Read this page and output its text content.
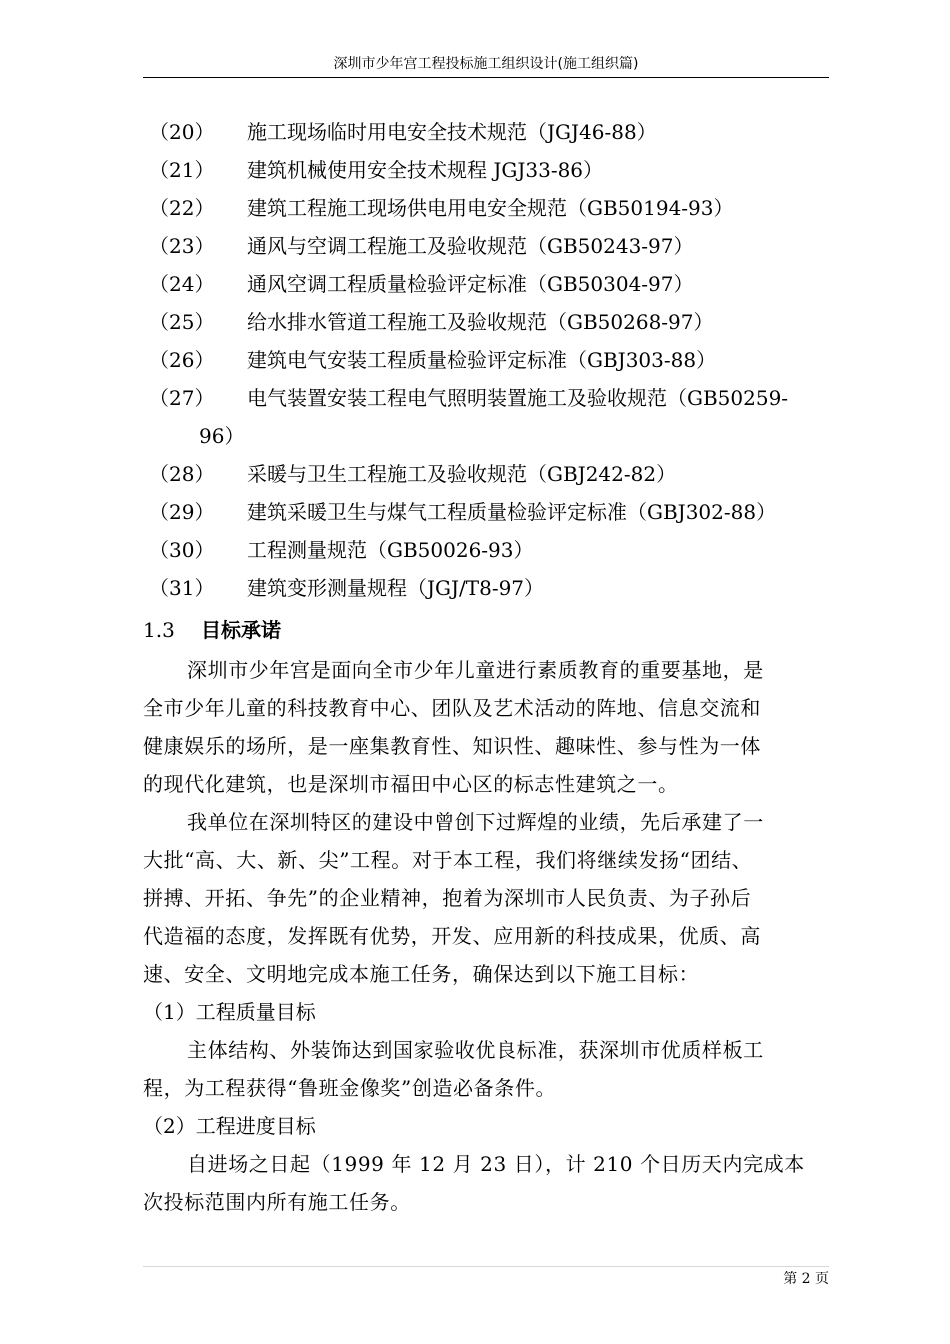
深圳市少年宫工程投标施工组织设计(施工组织篇)
（20） 施工现场临时用电安全技术规范（JGJ46-88）
（21） 建筑机械使用安全技术规程 JGJ33-86）
（22） 建筑工程施工现场供电用电安全规范（GB50194-93）
（23） 通风与空调工程施工及验收规范（GB50243-97）
（24） 通风空调工程质量检验评定标准（GB50304-97）
（25） 给水排水管道工程施工及验收规范（GB50268-97）
（26） 建筑电气安装工程质量检验评定标准（GBJ303-88）
（27） 电气装置安装工程电气照明装置施工及验收规范（GB50259-
96）
（28） 采暖与卫生工程施工及验收规范（GBJ242-82）
（29） 建筑采暖卫生与煤气工程质量检验评定标准（GBJ302-88）
（30） 工程测量规范（GB50026-93）
（31） 建筑变形测量规程（JGJ/T8-97）
1.3 目标承诺
深圳市少年宫是面向全市少年儿童进行素质教育的重要基地，是
全市少年儿童的科技教育中心、团队及艺术活动的阵地、信息交流和
健康娱乐的场所，是一座集教育性、知识性、趣味性、参与性为一体
的现代化建筑，也是深圳市福田中心区的标志性建筑之一。
我单位在深圳特区的建设中曾创下过辉煌的业绩，先后承建了一
大批“高、大、新、尖”工程。对于本工程，我们将继续发扬“团结、
拼搏、开拓、争先”的企业精神，抱着为深圳市人民负责、为子孙后
代造福的态度，发挥既有优势，开发、应用新的科技成果，优质、高
速、安全、文明地完成本施工任务，确保达到以下施工目标：
（1）工程质量目标
主体结构、外装饰达到国家验收优良标准，获深圳市优质样板工
程，为工程获得“鲁班金像奖”创造必备条件。
（2）工程进度目标
自进场之日起（1999 年 12 月 23 日），计 210 个日历天内完成本
次投标范围内所有施工任务。
第 2 页
